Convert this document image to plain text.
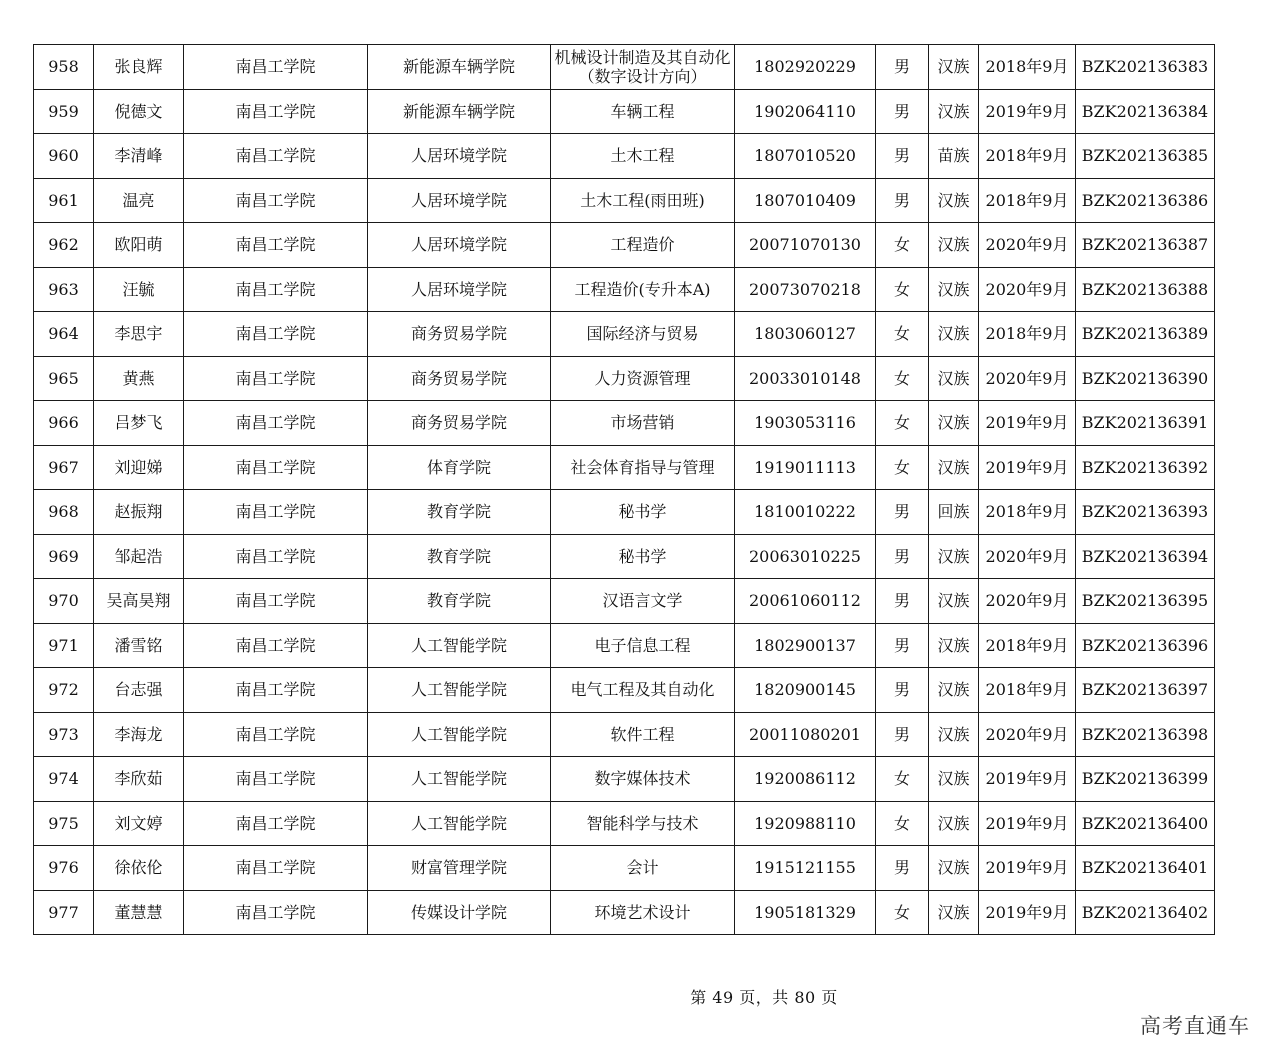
958	张良辉	南昌工学院	新能源车辆学院	机械设计制造及其自动化（数字设计方向）	1802920229	男	汉族	2018年9月	BZK202136383
959	倪德文	南昌工学院	新能源车辆学院	车辆工程	1902064110	男	汉族	2019年9月	BZK202136384
960	李清峰	南昌工学院	人居环境学院	土木工程	1807010520	男	苗族	2018年9月	BZK202136385
961	温亮	南昌工学院	人居环境学院	土木工程(雨田班)	1807010409	男	汉族	2018年9月	BZK202136386
962	欧阳萌	南昌工学院	人居环境学院	工程造价	20071070130	女	汉族	2020年9月	BZK202136387
963	汪毓	南昌工学院	人居环境学院	工程造价(专升本A)	20073070218	女	汉族	2020年9月	BZK202136388
964	李思宇	南昌工学院	商务贸易学院	国际经济与贸易	1803060127	女	汉族	2018年9月	BZK202136389
965	黄燕	南昌工学院	商务贸易学院	人力资源管理	20033010148	女	汉族	2020年9月	BZK202136390
966	吕梦飞	南昌工学院	商务贸易学院	市场营销	1903053116	女	汉族	2019年9月	BZK202136391
967	刘迎娣	南昌工学院	体育学院	社会体育指导与管理	1919011113	女	汉族	2019年9月	BZK202136392
968	赵振翔	南昌工学院	教育学院	秘书学	1810010222	男	回族	2018年9月	BZK202136393
969	邹起浩	南昌工学院	教育学院	秘书学	20063010225	男	汉族	2020年9月	BZK202136394
970	吴高昊翔	南昌工学院	教育学院	汉语言文学	20061060112	男	汉族	2020年9月	BZK202136395
971	潘雪铭	南昌工学院	人工智能学院	电子信息工程	1802900137	男	汉族	2018年9月	BZK202136396
972	台志强	南昌工学院	人工智能学院	电气工程及其自动化	1820900145	男	汉族	2018年9月	BZK202136397
973	李海龙	南昌工学院	人工智能学院	软件工程	20011080201	男	汉族	2020年9月	BZK202136398
974	李欣茹	南昌工学院	人工智能学院	数字媒体技术	1920086112	女	汉族	2019年9月	BZK202136399
975	刘文婷	南昌工学院	人工智能学院	智能科学与技术	1920988110	女	汉族	2019年9月	BZK202136400
976	徐依伦	南昌工学院	财富管理学院	会计	1915121155	男	汉族	2019年9月	BZK202136401
977	董慧慧	南昌工学院	传媒设计学院	环境艺术设计	1905181329	女	汉族	2019年9月	BZK202136402
第 49 页，共 80 页
高考直通车
